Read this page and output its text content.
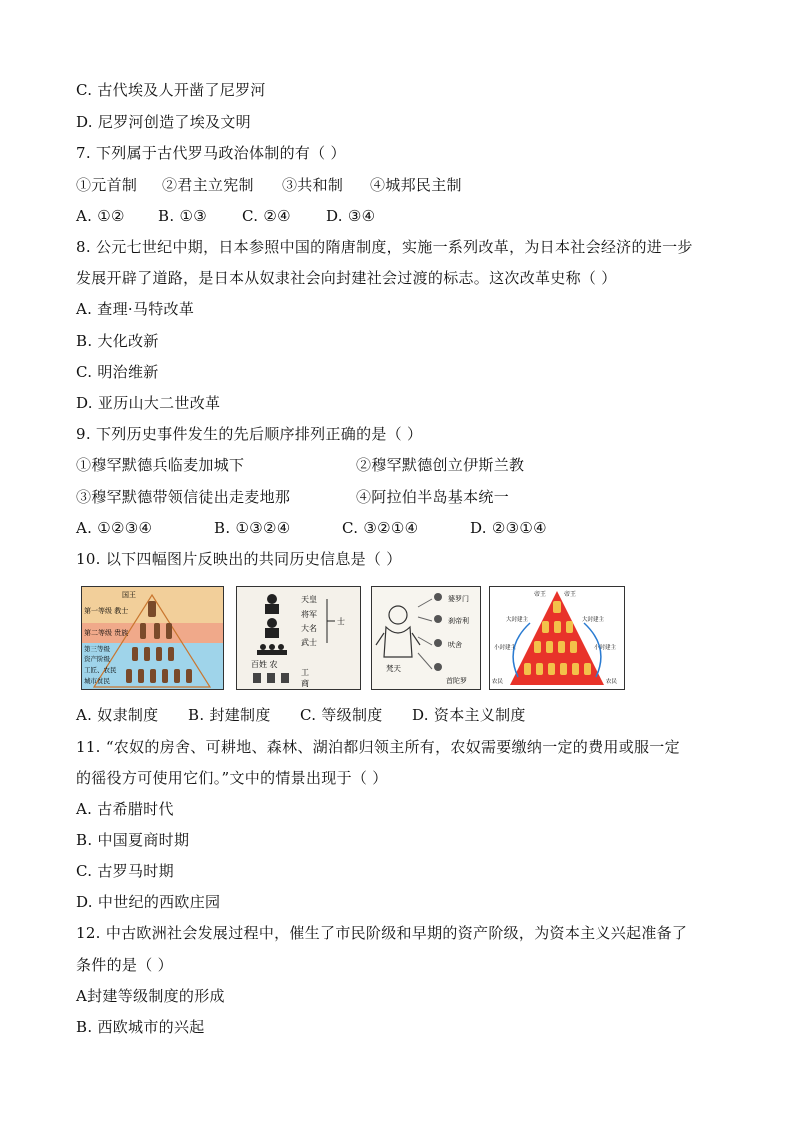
C. 古代埃及人开凿了尼罗河
D. 尼罗河创造了埃及文明
7. 下列属于古代罗马政治体制的有（ ）
①元首制 ②君主立宪制 ③共和制 ④城邦民主制
A. ①② B. ①③ C. ②④ D. ③④
8. 公元七世纪中期，日本参照中国的隋唐制度，实施一系列改革，为日本社会经济的进一步
发展开辟了道路，是日本从奴隶社会向封建社会过渡的标志。这次改革史称（ ）
A. 查理·马特改革
B. 大化改新
C. 明治维新
D. 亚历山大二世改革
9. 下列历史事件发生的先后顺序排列正确的是（ ）
①穆罕默德兵临麦加城下	②穆罕默德创立伊斯兰教
③穆罕默德带领信徒出走麦地那	④阿拉伯半岛基本统一
A. ①②③④	B. ①③②④	C. ③②①④	D. ②③①④
10. 以下四幅图片反映出的共同历史信息是（ ）
国王
第一等级 教士
第二等级 贵族
第三等级
资产阶级
工匠、农民
城市贫民
天皇
将军
大名
武士
士
百姓 农
工
商
梵天
婆罗门
刹帝利
吠舍
首陀罗
帝王	帝王
大封建主	大封建主
小封建主	小封建主
农民	农民
A. 奴隶制度 B. 封建制度 C. 等级制度 D. 资本主义制度
11. “农奴的房舍、可耕地、森林、湖泊都归领主所有，农奴需要缴纳一定的费用或服一定
的徭役方可使用它们。”文中的情景出现于（ ）
A. 古希腊时代
B. 中国夏商时期
C. 古罗马时期
D. 中世纪的西欧庄园
12. 中古欧洲社会发展过程中，催生了市民阶级和早期的资产阶级，为资本主义兴起准备了
条件的是（ ）
A封建等级制度的形成
B. 西欧城市的兴起
